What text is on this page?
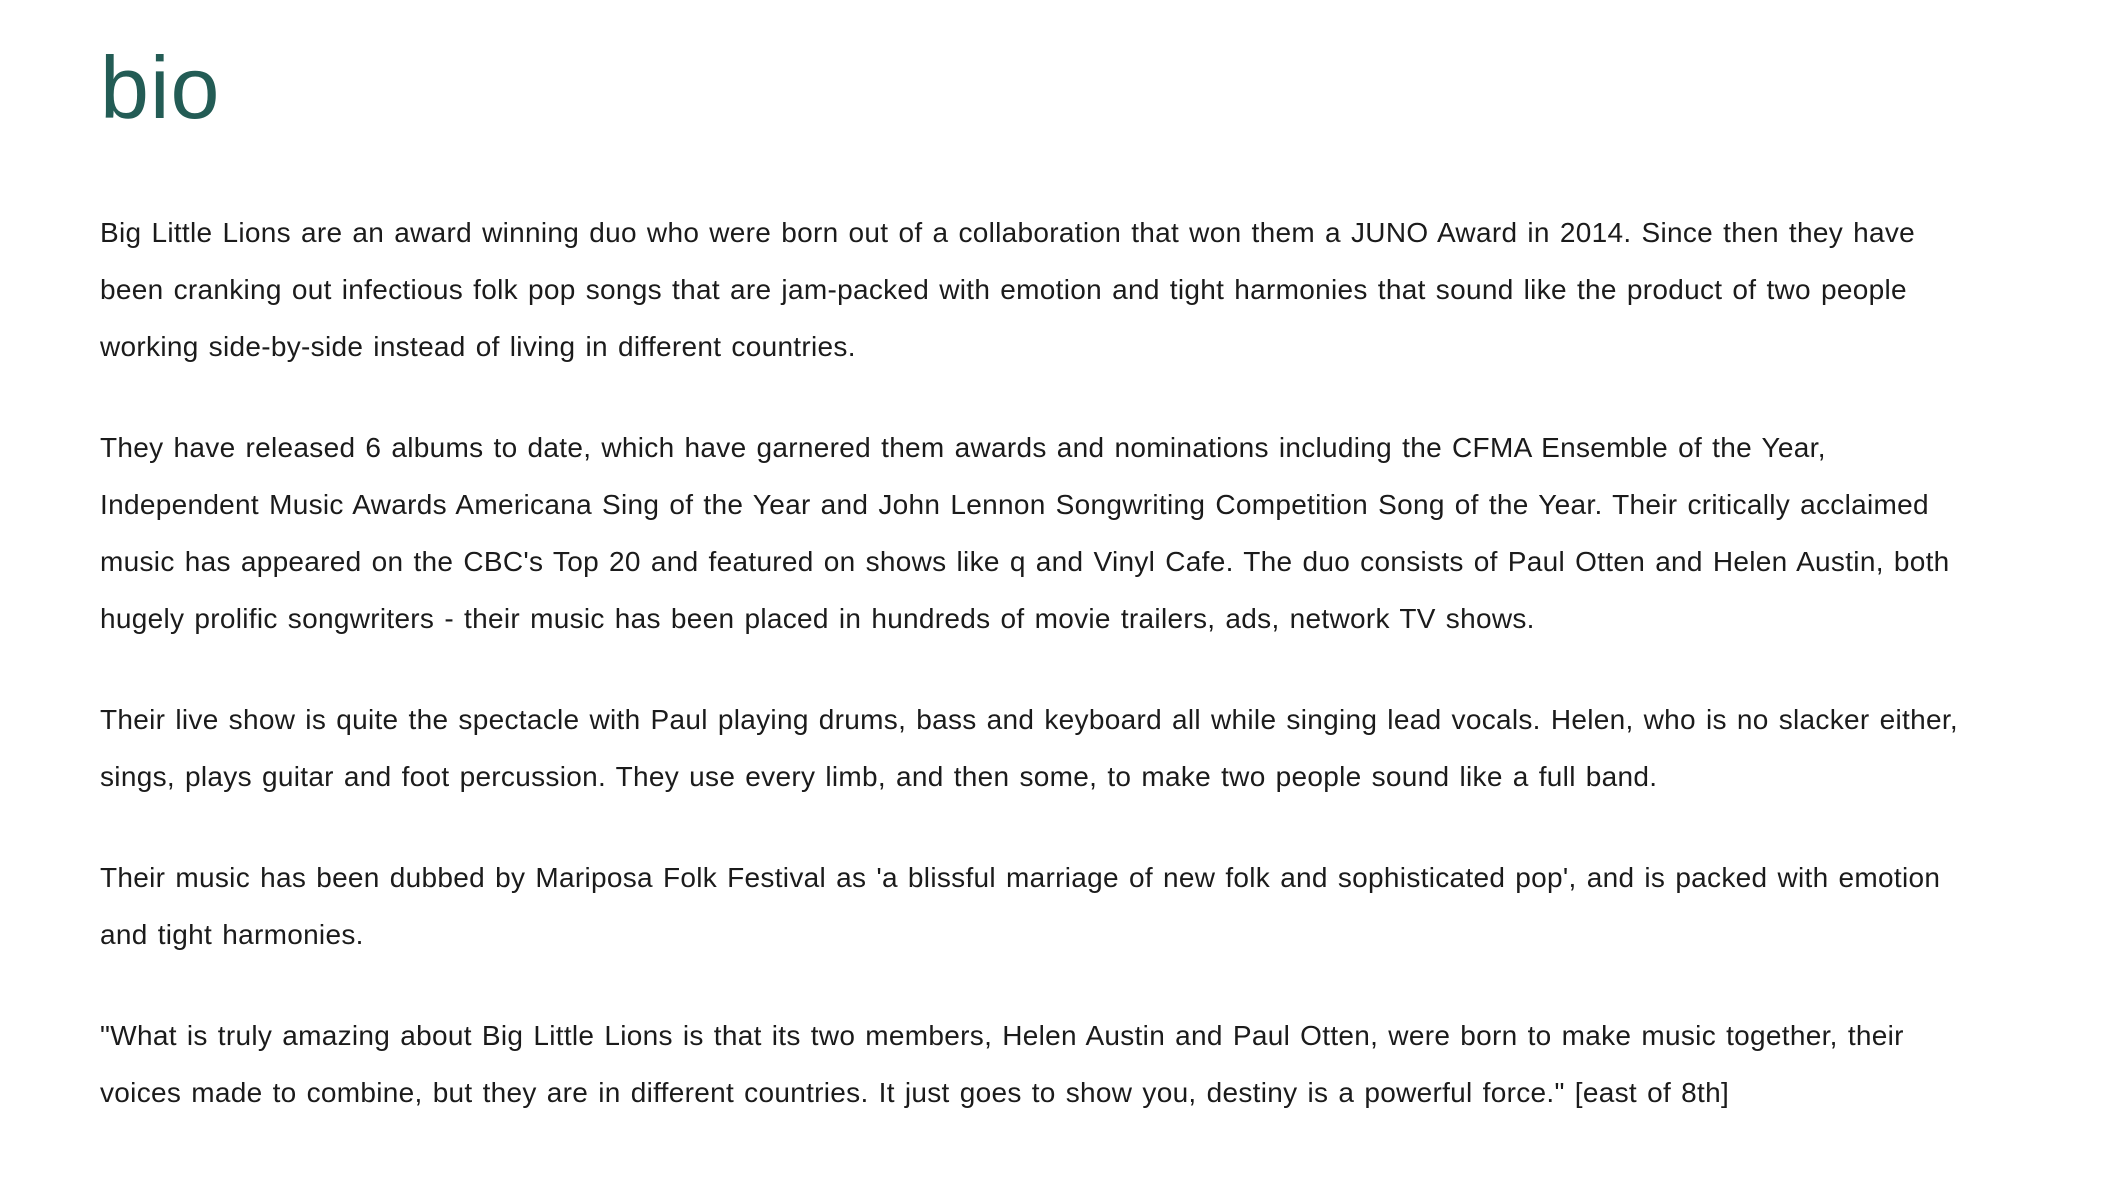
bio

Big Little Lions are an award winning duo who were born out of a collaboration that won them a JUNO Award in 2014. Since then they have been cranking out infectious folk pop songs that are jam-packed with emotion and tight harmonies that sound like the product of two people working side-by-side instead of living in different countries.

They have released 6 albums to date, which have garnered them awards and nominations including the CFMA Ensemble of the Year, Independent Music Awards Americana Sing of the Year and John Lennon Songwriting Competition Song of the Year. Their critically acclaimed music has appeared on the CBC's Top 20 and featured on shows like q and Vinyl Cafe. The duo consists of Paul Otten and Helen Austin, both hugely prolific songwriters - their music has been placed in hundreds of movie trailers, ads, network TV shows.

Their live show is quite the spectacle with Paul playing drums, bass and keyboard all while singing lead vocals. Helen, who is no slacker either, sings, plays guitar and foot percussion. They use every limb, and then some, to make two people sound like a full band.

Their music has been dubbed by Mariposa Folk Festival as 'a blissful marriage of new folk and sophisticated pop', and is packed with emotion and tight harmonies.

"What is truly amazing about Big Little Lions is that its two members, Helen Austin and Paul Otten, were born to make music together, their voices made to combine, but they are in different countries. It just goes to show you, destiny is a powerful force." [east of 8th]
